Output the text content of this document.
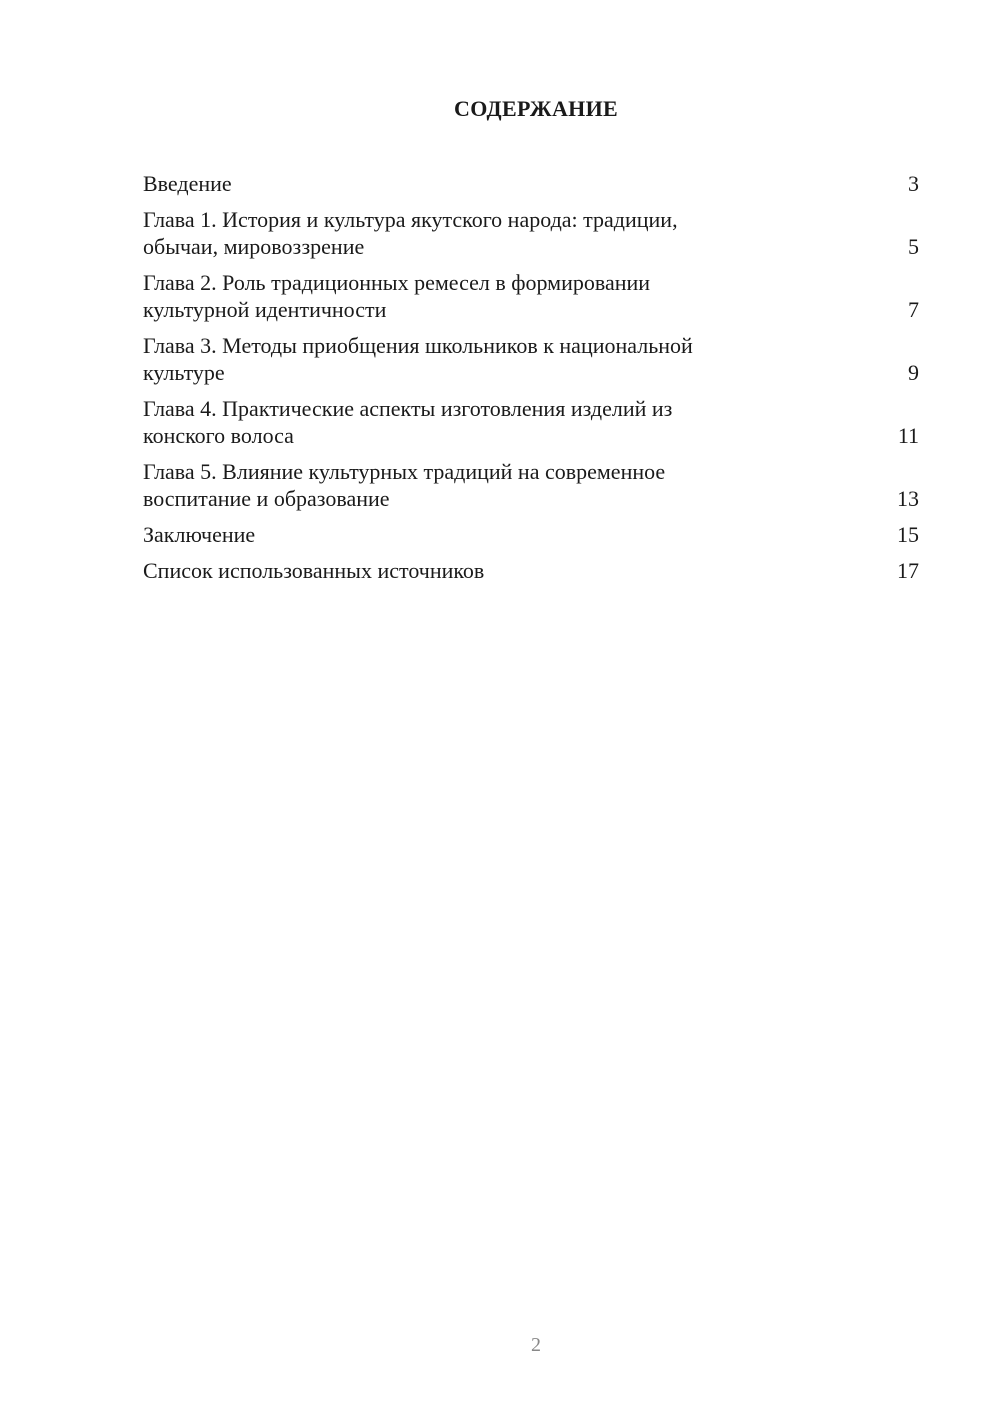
СОДЕРЖАНИЕ
Введение	3
Глава 1. История и культура якутского народа: традиции,
обычаи, мировоззрение	5
Глава 2. Роль традиционных ремесел в формировании
культурной идентичности	7
Глава 3. Методы приобщения школьников к национальной
культуре	9
Глава 4. Практические аспекты изготовления изделий из
конского волоса	11
Глава 5. Влияние культурных традиций на современное
воспитание и образование	13
Заключение	15
Список использованных источников	17
2
